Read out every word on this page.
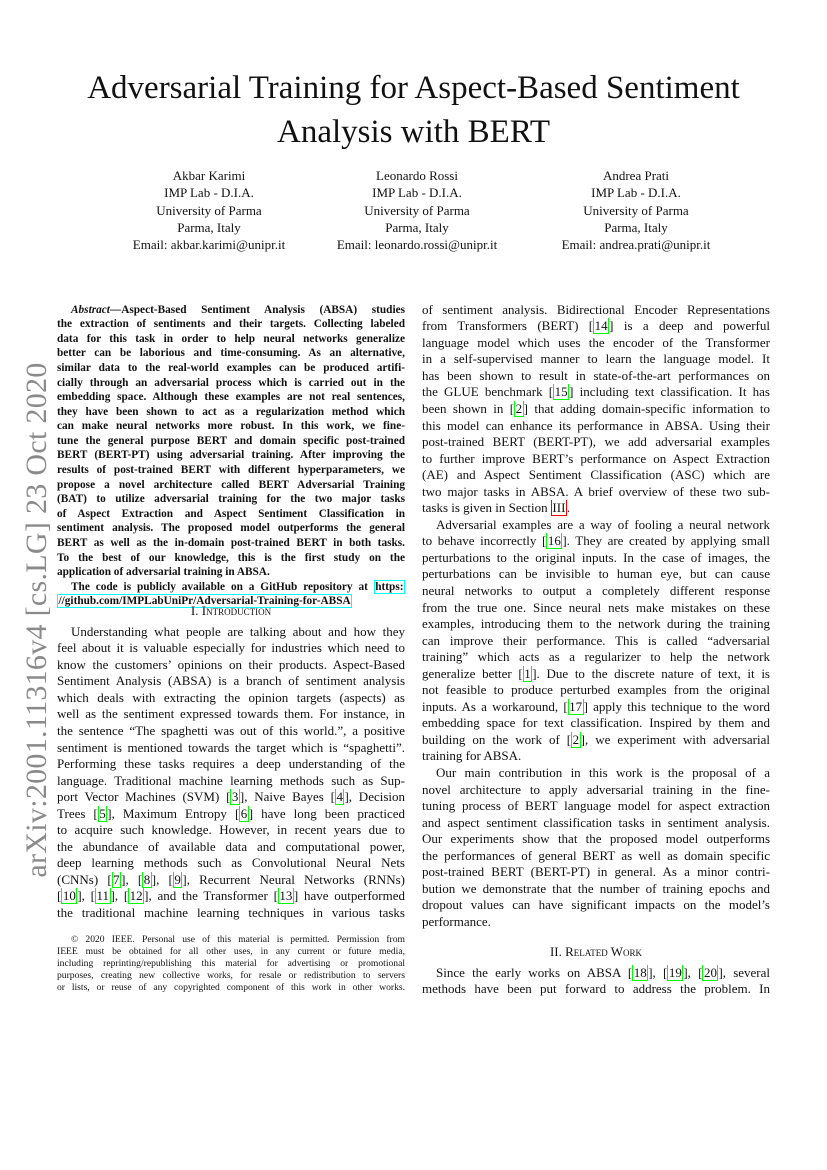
arXiv:2001.11316v4 [cs.LG] 23 Oct 2020
Adversarial Training for Aspect-Based Sentiment
Analysis with BERT
Akbar Karimi
IMP Lab - D.I.A.
University of Parma
Parma, Italy
Email: akbar.karimi@unipr.it
Leonardo Rossi
IMP Lab - D.I.A.
University of Parma
Parma, Italy
Email: leonardo.rossi@unipr.it
Andrea Prati
IMP Lab - D.I.A.
University of Parma
Parma, Italy
Email: andrea.prati@unipr.it
Abstract—Aspect-Based Sentiment Analysis (ABSA) studies
the extraction of sentiments and their targets. Collecting labeled
data for this task in order to help neural networks generalize
better can be laborious and time-consuming. As an alternative,
similar data to the real-world examples can be produced artifi-
cially through an adversarial process which is carried out in the
embedding space. Although these examples are not real sentences,
they have been shown to act as a regularization method which
can make neural networks more robust. In this work, we fine-
tune the general purpose BERT and domain specific post-trained
BERT (BERT-PT) using adversarial training. After improving the
results of post-trained BERT with different hyperparameters, we
propose a novel architecture called BERT Adversarial Training
(BAT) to utilize adversarial training for the two major tasks
of Aspect Extraction and Aspect Sentiment Classification in
sentiment analysis. The proposed model outperforms the general
BERT as well as the in-domain post-trained BERT in both tasks.
To the best of our knowledge, this is the first study on the
application of adversarial training in ABSA.
The code is publicly available on a GitHub repository at https:
//github.com/IMPLabUniPr/Adversarial-Training-for-ABSA
I. Introduction
Understanding what people are talking about and how they
feel about it is valuable especially for industries which need to
know the customers’ opinions on their products. Aspect-Based
Sentiment Analysis (ABSA) is a branch of sentiment analysis
which deals with extracting the opinion targets (aspects) as
well as the sentiment expressed towards them. For instance, in
the sentence “The spaghetti was out of this world.”, a positive
sentiment is mentioned towards the target which is “spaghetti”.
Performing these tasks requires a deep understanding of the
language. Traditional machine learning methods such as Sup-
port Vector Machines (SVM) [ 3 ], Naive Bayes [ 4 ], Decision
Trees [ 5 ], Maximum Entropy [ 6 ] have long been practiced
to acquire such knowledge. However, in recent years due to
the abundance of available data and computational power,
deep learning methods such as Convolutional Neural Nets
(CNNs) [ 7 ], [ 8 ], [ 9 ], Recurrent Neural Networks (RNNs)
[ 10 ], [ 11 ], [ 12 ], and the Transformer [ 13 ] have outperformed
the traditional machine learning techniques in various tasks
© 2020 IEEE. Personal use of this material is permitted. Permission from
IEEE must be obtained for all other uses, in any current or future media,
including reprinting/republishing this material for advertising or promotional
purposes, creating new collective works, for resale or redistribution to servers
or lists, or reuse of any copyrighted component of this work in other works.
of sentiment analysis. Bidirectional Encoder Representations
from Transformers (BERT) [ 14 ] is a deep and powerful
language model which uses the encoder of the Transformer
in a self-supervised manner to learn the language model. It
has been shown to result in state-of-the-art performances on
the GLUE benchmark [ 15 ] including text classification. It has
been shown in [ 2 ] that adding domain-specific information to
this model can enhance its performance in ABSA. Using their
post-trained BERT (BERT-PT), we add adversarial examples
to further improve BERT’s performance on Aspect Extraction
(AE) and Aspect Sentiment Classification (ASC) which are
two major tasks in ABSA. A brief overview of these two sub-
tasks is given in Section III .
Adversarial examples are a way of fooling a neural network
to behave incorrectly [ 16 ]. They are created by applying small
perturbations to the original inputs. In the case of images, the
perturbations can be invisible to human eye, but can cause
neural networks to output a completely different response
from the true one. Since neural nets make mistakes on these
examples, introducing them to the network during the training
can improve their performance. This is called “adversarial
training” which acts as a regularizer to help the network
generalize better [ 1 ]. Due to the discrete nature of text, it is
not feasible to produce perturbed examples from the original
inputs. As a workaround, [ 17 ] apply this technique to the word
embedding space for text classification. Inspired by them and
building on the work of [ 2 ], we experiment with adversarial
training for ABSA.
Our main contribution in this work is the proposal of a
novel architecture to apply adversarial training in the fine-
tuning process of BERT language model for aspect extraction
and aspect sentiment classification tasks in sentiment analysis.
Our experiments show that the proposed model outperforms
the performances of general BERT as well as domain specific
post-trained BERT (BERT-PT) in general. As a minor contri-
bution we demonstrate that the number of training epochs and
dropout values can have significant impacts on the model’s
performance.
II. Related Work
Since the early works on ABSA [ 18 ], [ 19 ], [ 20 ], several
methods have been put forward to address the problem. In
